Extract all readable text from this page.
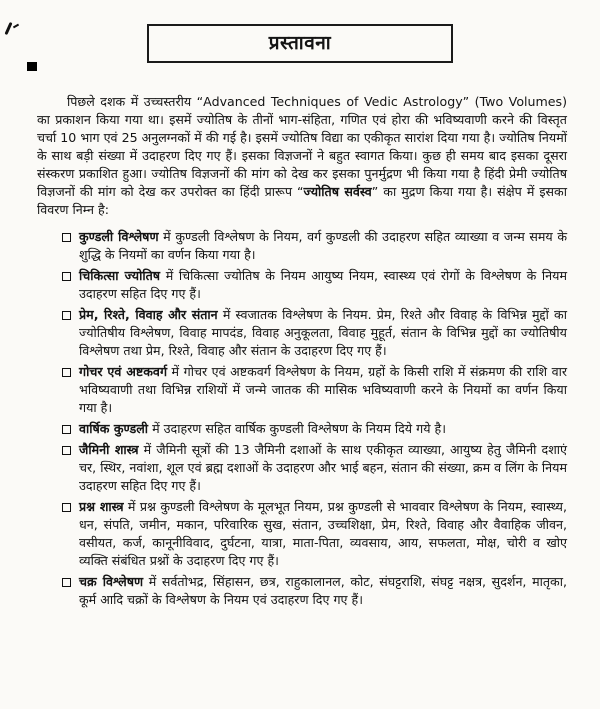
प्रस्तावना

पिछले दशक में उच्चस्तरीय “Advanced Techniques of Vedic Astrology” (Two Volumes) का प्रकाशन किया गया था। इसमें ज्योतिष के तीनों भाग-संहिता, गणित एवं होरा की भविष्यवाणी करने की विस्तृत चर्चा 10 भाग एवं 25 अनुलग्नकों में की गई है। इसमें ज्योतिष विद्या का एकीकृत सारांश दिया गया है। ज्योतिष नियमों के साथ बड़ी संख्या में उदाहरण दिए गए हैं। इसका विज्ञजनों ने बहुत स्वागत किया। कुछ ही समय बाद इसका दूसरा संस्करण प्रकाशित हुआ। ज्योतिष विज्ञजनों की मांग को देख कर इसका पुनर्मुद्रण भी किया गया है हिंदी प्रेमी ज्योतिष विज्ञजनों की मांग को देख कर उपरोक्त का हिंदी प्रारूप “ज्योतिष सर्वस्व” का मुद्रण किया गया है। संक्षेप में इसका विवरण निम्न है:

कुण्डली विश्लेषण में कुण्डली विश्लेषण के नियम, वर्ग कुण्डली की उदाहरण सहित व्याख्या व जन्म समय के शुद्धि के नियमों का वर्णन किया गया है।
चिकित्सा ज्योतिष में चिकित्सा ज्योतिष के नियम आयुष्य नियम, स्वास्थ्य एवं रोगों के विश्लेषण के नियम उदाहरण सहित दिए गए हैं।
प्रेम, रिश्ते, विवाह और संतान में स्वजातक विश्लेषण के नियम. प्रेम, रिश्ते और विवाह के विभिन्न मुद्दों का ज्योतिषीय विश्लेषण, विवाह मापदंड, विवाह अनुकूलता, विवाह मुहूर्त, संतान के विभिन्न मुद्दों का ज्योतिषीय विश्लेषण तथा प्रेम, रिश्ते, विवाह और संतान के उदाहरण दिए गए हैं।
गोचर एवं अष्टकवर्ग में गोचर एवं अष्टकवर्ग विश्लेषण के नियम, ग्रहों के किसी राशि में संक्रमण की राशि वार भविष्यवाणी तथा विभिन्न राशियों में जन्मे जातक की मासिक भविष्यवाणी करने के नियमों का वर्णन किया गया है।
वार्षिक कुण्डली में उदाहरण सहित वार्षिक कुण्डली विश्लेषण के नियम दिये गये है।
जैमिनी शास्त्र में जैमिनी सूत्रों की 13 जैमिनी दशाओं के साथ एकीकृत व्याख्या, आयुष्य हेतु जैमिनी दशाएं चर, स्थिर, नवांशा, शूल एवं ब्रह्म दशाओं के उदाहरण और भाई बहन, संतान की संख्या, क्रम व लिंग के नियम उदाहरण सहित दिए गए हैं।
प्रश्न शास्त्र में प्रश्न कुण्डली विश्लेषण के मूलभूत नियम, प्रश्न कुण्डली से भाववार विश्लेषण के नियम, स्वास्थ्य, धन, संपति, जमीन, मकान, परिवारिक सुख, संतान, उच्चशिक्षा, प्रेम, रिश्ते, विवाह और वैवाहिक जीवन, वसीयत, कर्ज, कानूनीविवाद, दुर्घटना, यात्रा, माता-पिता, व्यवसाय, आय, सफलता, मोक्ष, चोरी व खोए व्यक्ति संबंधित प्रश्नों के उदाहरण दिए गए हैं।
चक्र विश्लेषण में सर्वतोभद्र, सिंहासन, छत्र, राहुकालानल, कोट, संघट्टराशि, संघट्ट नक्षत्र, सुदर्शन, मातृका, कूर्म आदि चक्रों के विश्लेषण के नियम एवं उदाहरण दिए गए हैं।
